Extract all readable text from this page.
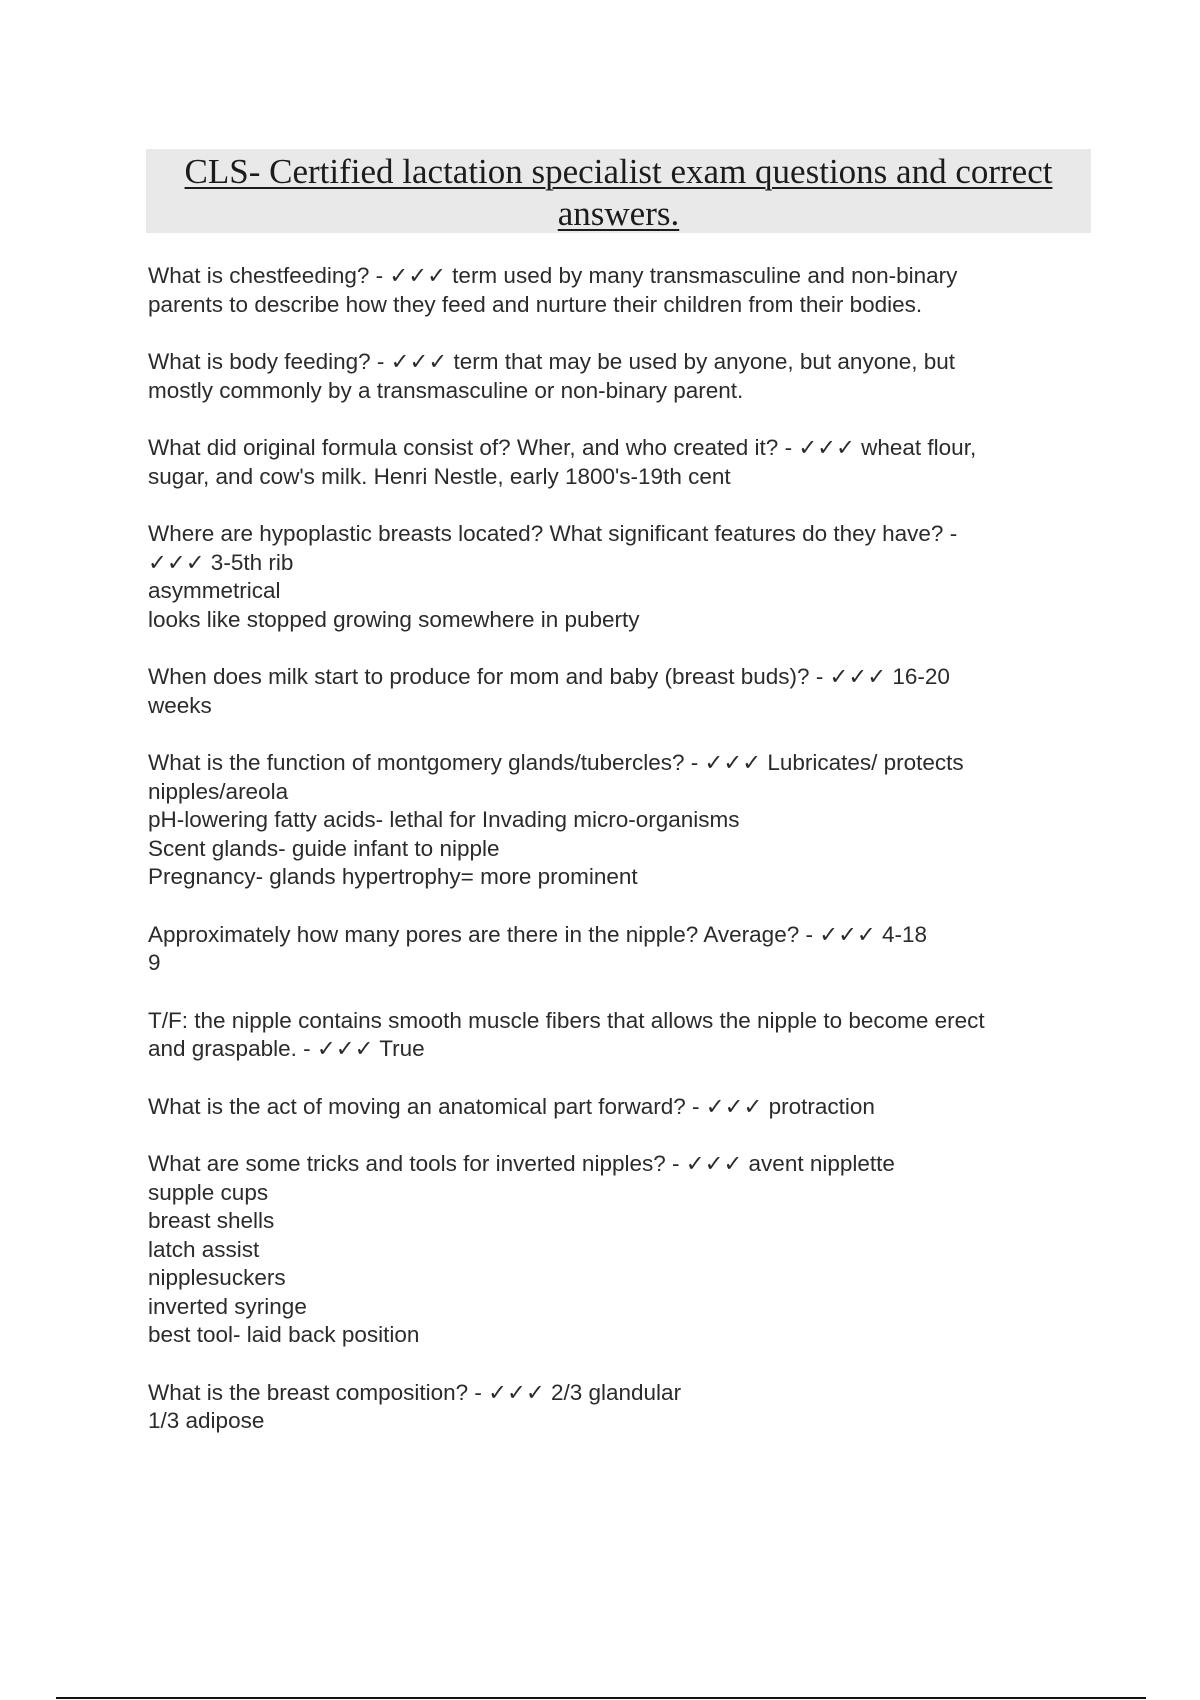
CLS- Certified lactation specialist exam questions and correct
answers.
What is chestfeeding? - ✓✓✓ term used by many transmasculine and non-binary
parents to describe how they feed and nurture their children from their bodies.
What is body feeding? - ✓✓✓ term that may be used by anyone, but anyone, but
mostly commonly by a transmasculine or non-binary parent.
What did original formula consist of? Wher, and who created it? - ✓✓✓ wheat flour,
sugar, and cow's milk. Henri Nestle, early 1800's-19th cent
Where are hypoplastic breasts located? What significant features do they have? -
✓✓✓ 3-5th rib
asymmetrical
looks like stopped growing somewhere in puberty
When does milk start to produce for mom and baby (breast buds)? - ✓✓✓ 16-20
weeks
What is the function of montgomery glands/tubercles? - ✓✓✓ Lubricates/ protects
nipples/areola
pH-lowering fatty acids- lethal for Invading micro-organisms
Scent glands- guide infant to nipple
Pregnancy- glands hypertrophy= more prominent
Approximately how many pores are there in the nipple? Average? - ✓✓✓ 4-18
9
T/F: the nipple contains smooth muscle fibers that allows the nipple to become erect
and graspable. - ✓✓✓ True
What is the act of moving an anatomical part forward? - ✓✓✓ protraction
What are some tricks and tools for inverted nipples? - ✓✓✓ avent nipplette
supple cups
breast shells
latch assist
nipplesuckers
inverted syringe
best tool- laid back position
What is the breast composition? - ✓✓✓ 2/3 glandular
1/3 adipose
